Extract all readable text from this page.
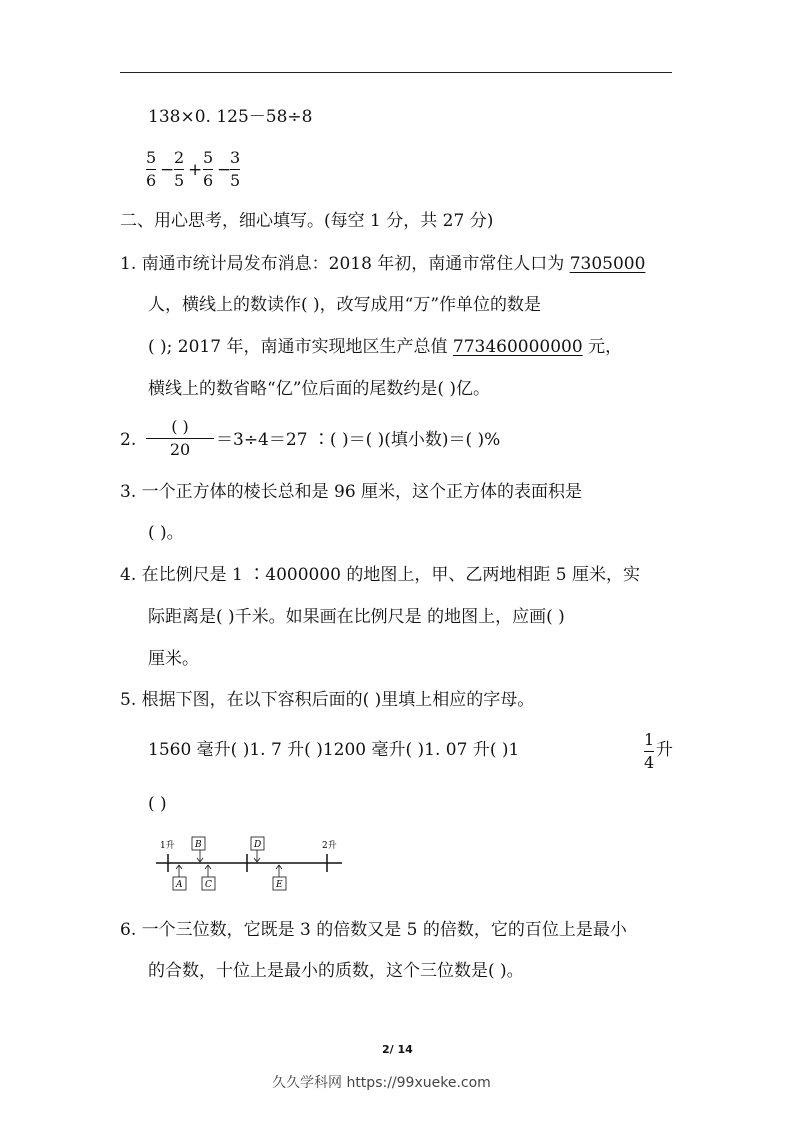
138×0. 125－58÷8
5
6
−
2
5
+
5
6
−
3
5
二、用心思考，细心填写。(每空 1 分，共 27 分)
1. 南通市统计局发布消息：2018 年初，南通市常住人口为 7305000
人，横线上的数读作( )，改写成用“万”作单位的数是
( ); 2017 年，南通市实现地区生产总值 773460000000 元，
横线上的数省略“亿”位后面的尾数约是( )亿。
2.
( )
20 ＝3÷4＝27 ∶( )＝( )(填小数)＝( )%
3. 一个正方体的棱长总和是 96 厘米，这个正方体的表面积是
( )。
4. 在比例尺是 1 ∶4000000 的地图上，甲、乙两地相距 5 厘米，实
际距离是( )千米。如果画在比例尺是 的地图上，应画( )
厘米。
5. 根据下图，在以下容积后面的( )里填上相应的字母。
1560 毫升( )1. 7 升( )1200 毫升( )1. 07 升( )1
1
4
升
( )
1升	2升
B	D
A	C	E
6. 一个三位数，它既是 3 的倍数又是 5 的倍数，它的百位上是最小
的合数，十位上是最小的质数，这个三位数是( )。
2/ 14
久久学科网 https://99xueke.com
